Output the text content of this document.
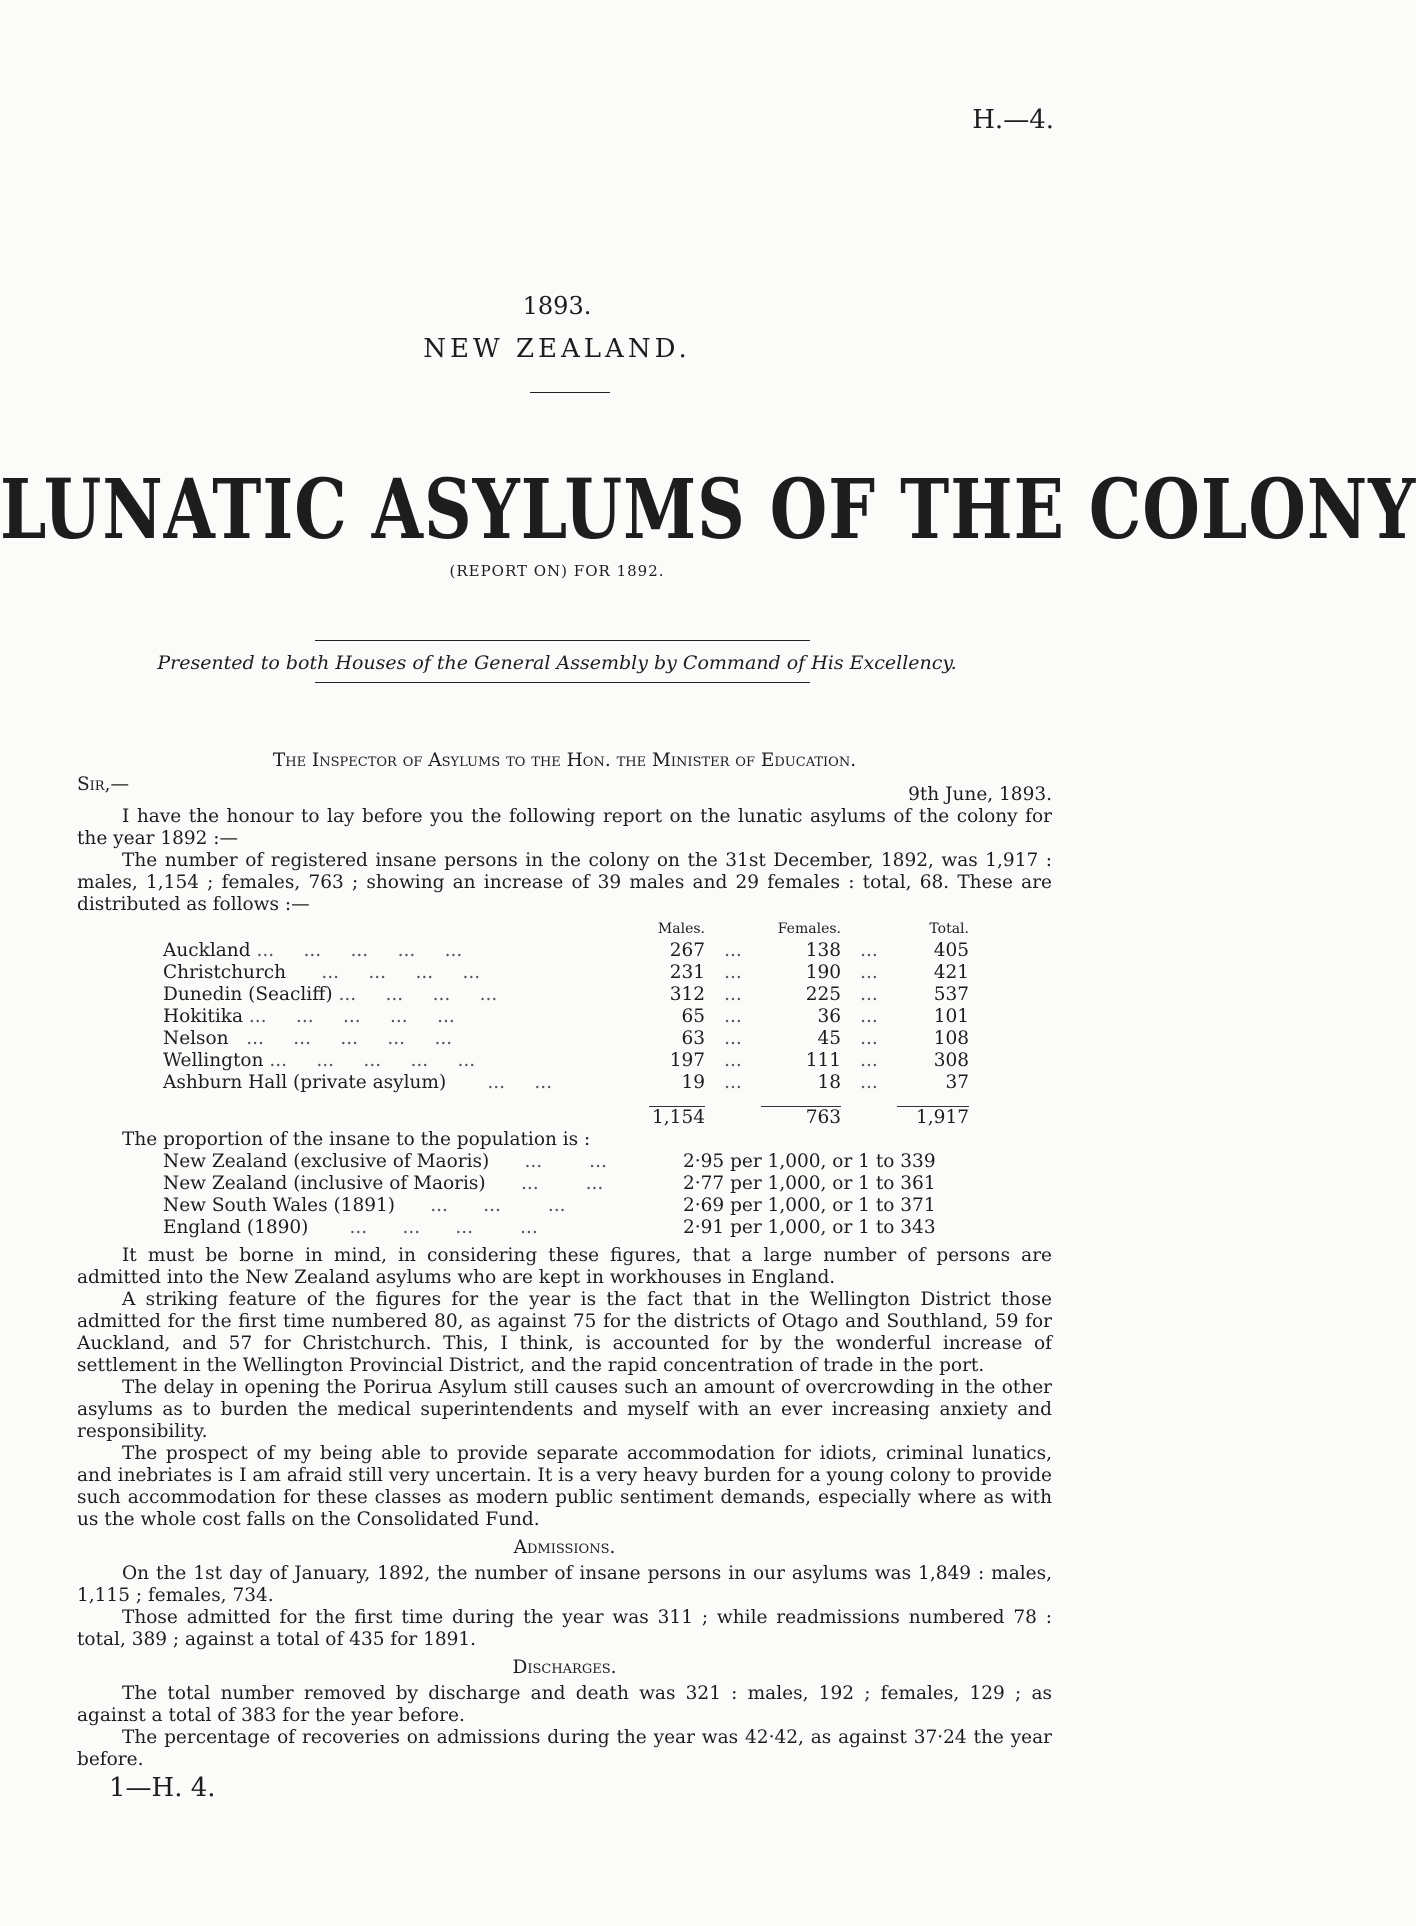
H.—4.
1893.
NEW ZEALAND.
LUNATIC ASYLUMS OF THE COLONY
(REPORT ON) FOR 1892.
Presented to both Houses of the General Assembly by Command of His Excellency.
The Inspector of Asylums to the Hon. the Minister of Education.
Sir,—	9th June, 1893.

I have the honour to lay before you the following report on the lunatic asylums of the colony for the year 1892 :—

The number of registered insane persons in the colony on the 31st December, 1892, was 1,917 : males, 1,154 ; females, 763 ; showing an increase of 39 males and 29 females : total, 68. These are distributed as follows :—

	Males.		Females.		Total.
Auckland ...     ...     ...     ...     ...	267	...	138	...	405
Christchurch      ...     ...     ...     ...	231	...	190	...	421
Dunedin (Seacliff) ...     ...     ...     ...	312	...	225	...	537
Hokitika ...     ...     ...     ...     ...	65	...	36	...	101
Nelson   ...     ...     ...     ...     ...	63	...	45	...	108
Wellington ...     ...     ...     ...     ...	197	...	111	...	308
Ashburn Hall (private asylum)       ...     ...	19	...	18	...	37

	1,154		763		1,917
The proportion of the insane to the population is :
New Zealand (exclusive of Maoris)      ...        ...	2·95 per 1,000, or 1 to 339
New Zealand (inclusive of Maoris)      ...        ...	2·77 per 1,000, or 1 to 361
New South Wales (1891)      ...      ...        ...	2·69 per 1,000, or 1 to 371
England (1890)       ...      ...      ...        ...	2·91 per 1,000, or 1 to 343

It must be borne in mind, in considering these figures, that a large number of persons are admitted into the New Zealand asylums who are kept in workhouses in England.

A striking feature of the figures for the year is the fact that in the Wellington District those admitted for the first time numbered 80, as against 75 for the districts of Otago and Southland, 59 for Auckland, and 57 for Christchurch. This, I think, is accounted for by the wonderful increase of settlement in the Wellington Provincial District, and the rapid concentration of trade in the port.

The delay in opening the Porirua Asylum still causes such an amount of overcrowding in the other asylums as to burden the medical superintendents and myself with an ever increasing anxiety and responsibility.

The prospect of my being able to provide separate accommodation for idiots, criminal lunatics, and inebriates is I am afraid still very uncertain. It is a very heavy burden for a young colony to provide such accommodation for these classes as modern public sentiment demands, especially where as with us the whole cost falls on the Consolidated Fund.

Admissions.

On the 1st day of January, 1892, the number of insane persons in our asylums was 1,849 : males, 1,115 ; females, 734.

Those admitted for the first time during the year was 311 ; while readmissions numbered 78 : total, 389 ; against a total of 435 for 1891.

Discharges.

The total number removed by discharge and death was 321 : males, 192 ; females, 129 ; as against a total of 383 for the year before.

The percentage of recoveries on admissions during the year was 42·42, as against 37·24 the year before.

1—H. 4.
